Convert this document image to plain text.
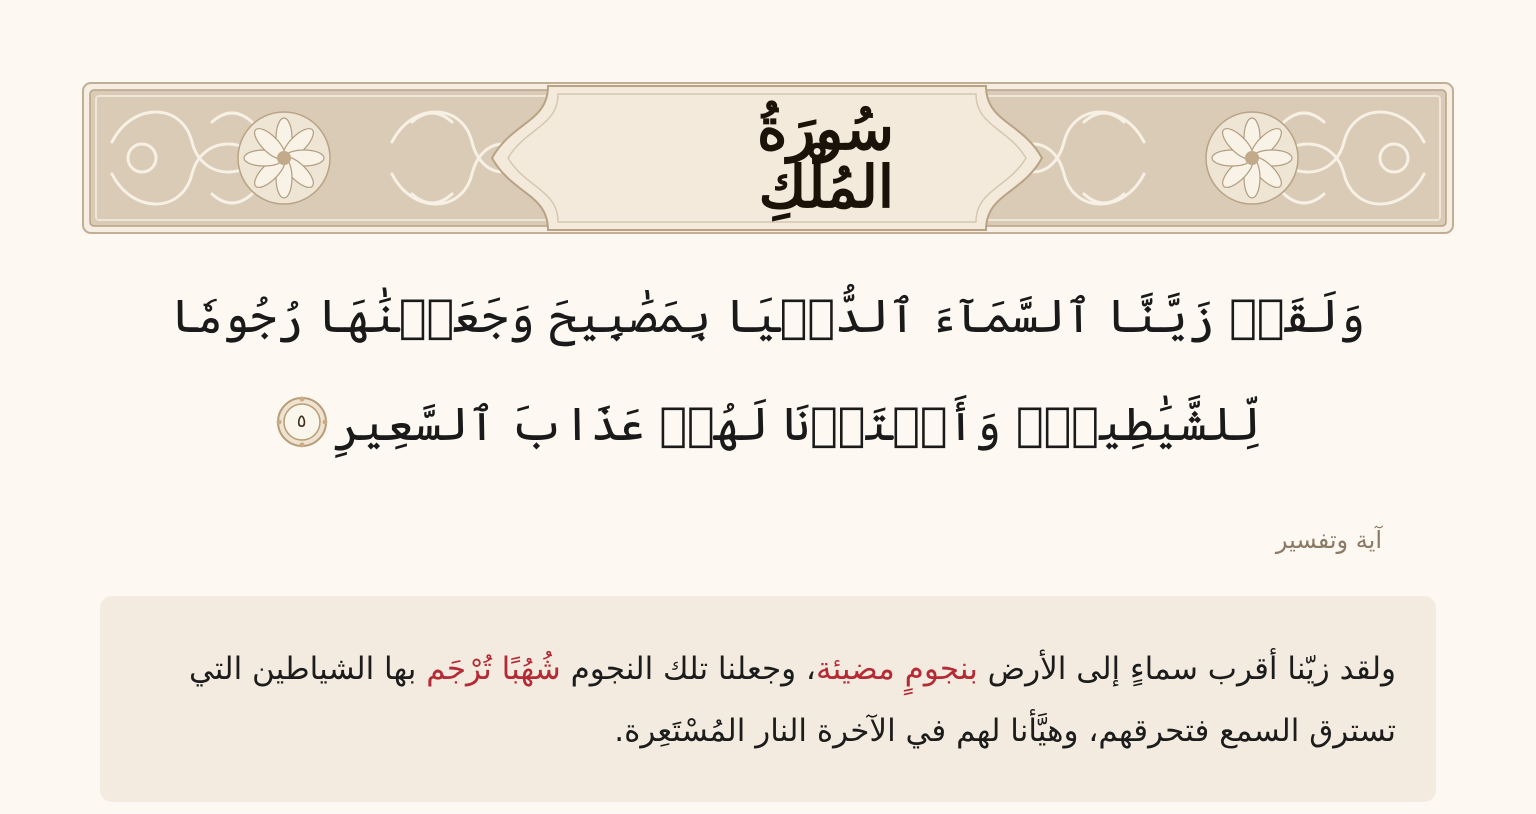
سُورَةُ المُلْكِ
وَلَقَدۡ زَيَّنَّا ٱلسَّمَآءَ ٱلدُّنۡيَا بِمَصَٰبِيحَ وَجَعَلۡنَٰهَا رُجُومٗا لِّلشَّيَٰطِينِۖ وَأَعۡتَدۡنَا لَهُمۡ عَذَابَ ٱلسَّعِيرِ
٥
آية وتفسير
ولقد زيّنا أقرب سماءٍ إلى الأرض بنجومٍ مضيئة، وجعلنا تلك النجوم شُهُبًا تُرْجَم بها الشياطين التي تسترق السمع فتحرقهم، وهيَّأنا لهم في الآخرة النار المُسْتَعِرة.
